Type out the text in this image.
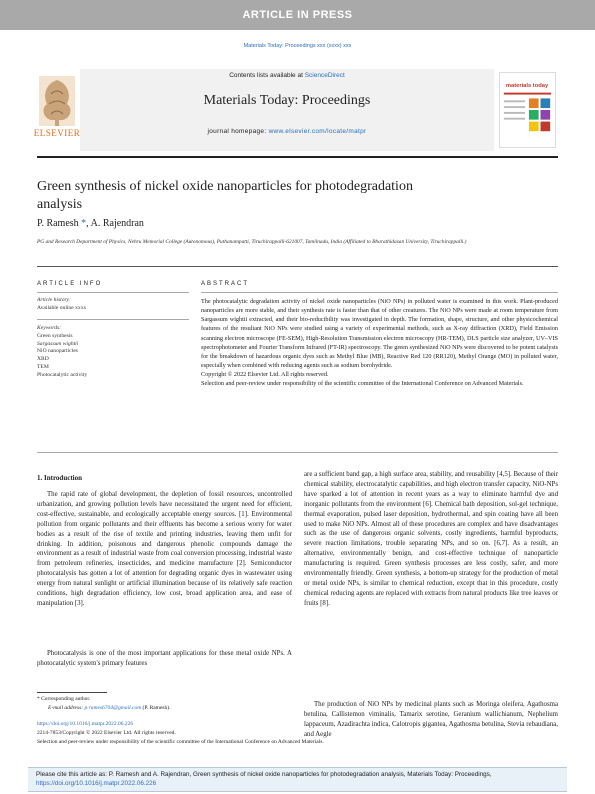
ARTICLE IN PRESS
Materials Today: Proceedings xxx (xxxx) xxx
ELSEVIER
Contents lists available at ScienceDirect
Materials Today: Proceedings
journal homepage: www.elsevier.com/locate/matpr
materials today
Green synthesis of nickel oxide nanoparticles for photodegradation analysis
P. Ramesh *, A. Rajendran
PG and Research Department of Physics, Nehru Memorial College (Autonomous), Puthanampatti, Tiruchirappalli-621007, Tamilnadu, India (Affiliated to Bharathidasan University, Tiruchirappalli.)
ARTICLE INFO
Article history:
Available online xxxx
Keywords:
Green synthesis
Sargassum wightii
NiO nanoparticles
XRD
TEM
Photocatalytic activity
ABSTRACT
The photocatalytic degradation activity of nickel oxide nanoparticles (NiO NPs) in polluted water is examined in this work. Plant-produced nanoparticles are more stable, and their synthesis rate is faster than that of other creatures. The NiO NPs were made at room temperature from Sargassum wightii extracted, and their bio-reducibility was investigated in depth. The formation, shape, structure, and other physicochemical features of the resultant NiO NPs were studied using a variety of experimental methods, such as X-ray diffraction (XRD), Field Emission scanning electron microscope (FE-SEM), High-Resolution Transmission electron microscopy (HR-TEM), DLS particle size analyzer, UV–VIS spectrophotometer and Fourier Transform Infrared (FT-IR) spectroscopy. The green synthesized NiO NPs were discovered to be potent catalysts for the breakdown of hazardous organic dyes such as Methyl Blue (MB), Reactive Red 120 (RR120), Methyl Orange (MO) in polluted water, especially when combined with reducing agents such as sodium borohydride.
Copyright © 2022 Elsevier Ltd. All rights reserved.
Selection and peer-review under responsibility of the scientific committee of the International Conference on Advanced Materials.
1. Introduction
The rapid rate of global development, the depletion of fossil resources, uncontrolled urbanization, and growing pollution levels have necessitated the urgent need for efficient, cost-effective, sustainable, and ecologically acceptable energy sources. [1]. Environmental pollution from organic pollutants and their effluents has become a serious worry for water bodies as a result of the rise of textile and printing industries, leaving them unfit for drinking. In addition, poisonous and dangerous phenolic compounds damage the environment as a result of industrial waste from coal conversion processing, industrial waste from petroleum refineries, insecticides, and medicine manufacture [2]. Semiconductor photocatalysis has gotten a lot of attention for degrading organic dyes in wastewater using energy from natural sunlight or artificial illumination because of its relatively safe reaction conditions, high degradation efficiency, low cost, broad application area, and ease of manipulation [3].
Photocatalysis is one of the most important applications for these metal oxide NPs. A photocatalytic system's primary features
are a sufficient band gap, a high surface area, stability, and reusability [4,5]. Because of their chemical stability, electrocatalytic capabilities, and high electron transfer capacity, NiO-NPs have sparked a lot of attention in recent years as a way to eliminate harmful dye and inorganic pollutants from the environment [6]. Chemical bath deposition, sol-gel technique, thermal evaporation, pulsed laser deposition, hydrothermal, and spin coating have all been used to make NiO NPs. Almost all of these procedures are complex and have disadvantages such as the use of dangerous organic solvents, costly ingredients, harmful byproducts, severe reaction limitations, trouble separating NPs, and so on. [6,7]. As a result, an alternative, environmentally benign, and cost-effective technique of nanoparticle manufacturing is required. Green synthesis processes are less costly, safer, and more environmentally friendly. Green synthesis, a bottom-up strategy for the production of metal or metal oxide NPs, is similar to chemical reduction, except that in this procedure, costly chemical reducing agents are replaced with extracts from natural products like tree leaves or fruits [8].
The production of NiO NPs by medicinal plants such as Moringa oleifera, Agathosma betulina, Callistemon viminalis, Tamarix serotine, Geranium wallichianum, Nephelium lappaceum, Azadirachta indica, Calotropis gigantea, Agathosma betulina, Stevia rebaudiana, and Aegle
* Corresponding author.
E-mail address: p.ramesh704@gmail.com (P. Ramesh).
https://doi.org/10.1016/j.matpr.2022.06.226
2214-7853/Copyright © 2022 Elsevier Ltd. All rights reserved.
Selection and peer-review under responsibility of the scientific committee of the International Conference on Advanced Materials.
Please cite this article as: P. Ramesh and A. Rajendran, Green synthesis of nickel oxide nanoparticles for photodegradation analysis, Materials Today: Proceedings, https://doi.org/10.1016/j.matpr.2022.06.226
